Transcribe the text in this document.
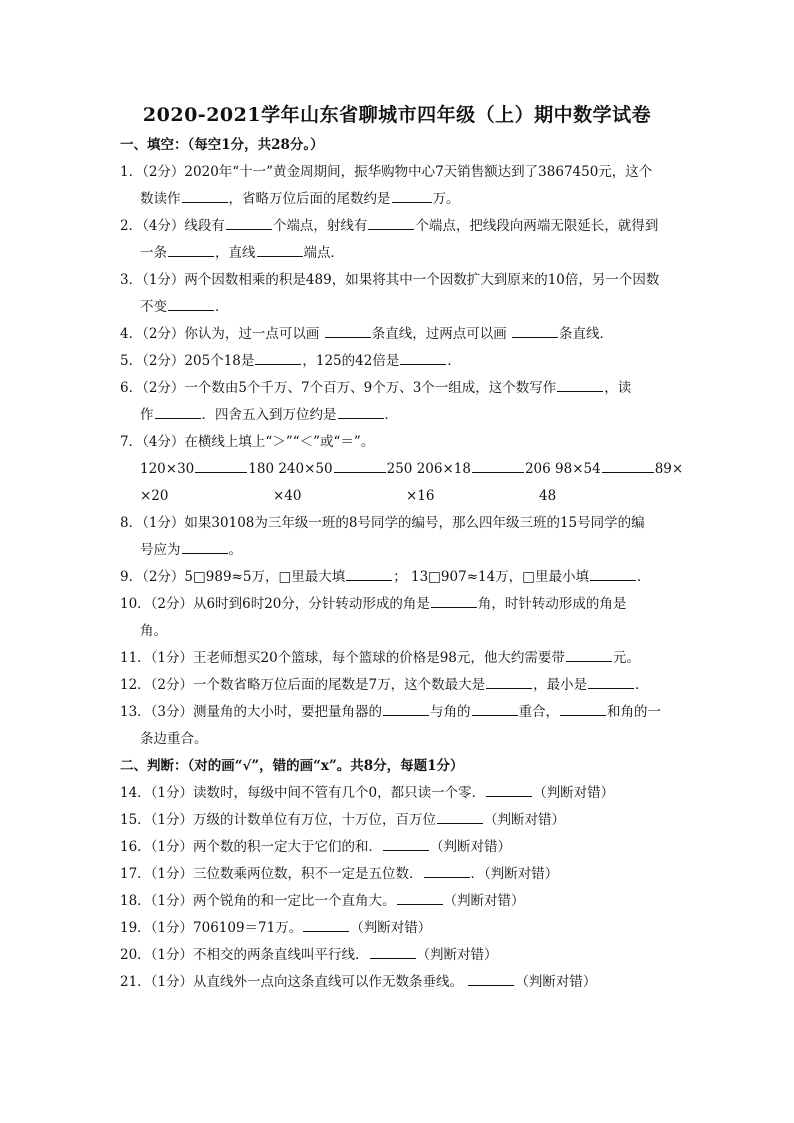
2020-2021学年山东省聊城市四年级（上）期中数学试卷
一、填空：（每空1分，共28分。）
1．（2分）2020年“十一”黄金周期间，振华购物中心7天销售额达到了3867450元，这个
数读作	，省略万位后面的尾数约是	万。
2．（4分）线段有	个端点，射线有	个端点，把线段向两端无限延长，就得到
一条	，直线	端点．
3．（1分）两个因数相乘的积是489，如果将其中一个因数扩大到原来的10倍，另一个因数
不变	．
4．（2分）你认为，过一点可以画	条直线，过两点可以画	条直线．
5．（2分）205个18是	，125的42倍是	．
6．（2分）一个数由5个千万、7个百万、9个万、3个一组成，这个数写作	，读
作	．四舍五入到万位约是	．
7．（4分）在横线上填上“＞”“＜”或“＝”。
120×30	180 240×50	250 206×18	206 98×54	89×
×20	×40	×16	48
8．（1分）如果30108为三年级一班的8号同学的编号，那么四年级三班的15号同学的编
号应为	。
9．（2分）5□989≈5万，□里最大填	； 13□907≈14万，□里最小填	．
10．（2分）从6时到6时20分，分针转动形成的角是	角，时针转动形成的角是
角。
11．（1分）王老师想买20个篮球，每个篮球的价格是98元，他大约需要带	元。
12．（2分）一个数省略万位后面的尾数是7万，这个数最大是	，最小是	．
13．（3分）测量角的大小时，要把量角器的	与角的	重合，	和角的一
条边重合。
二、判断：（对的画“√”，错的画“x”。共8分，每题1分）
14．（1分）读数时，每级中间不管有几个0，都只读一个零．	（判断对错）
15．（1分）万级的计数单位有万位，十万位，百万位	（判断对错）
16．（1分）两个数的积一定大于它们的和．	（判断对错）
17．（1分）三位数乘两位数，积不一定是五位数．	．（判断对错）
18．（1分）两个锐角的和一定比一个直角大。	（判断对错）
19．（1分）706109＝71万。	（判断对错）
20．（1分）不相交的两条直线叫平行线．	（判断对错）
21．（1分）从直线外一点向这条直线可以作无数条垂线。	（判断对错）
